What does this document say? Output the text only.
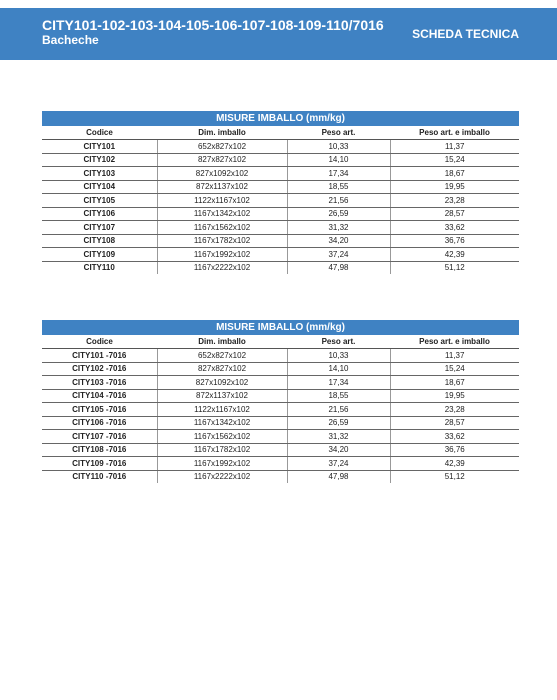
CITY101-102-103-104-105-106-107-108-109-110/7016
Bacheche	SCHEDA TECNICA
MISURE IMBALLO (mm/kg)			
Codice	Dim. imballo	Peso art.	Peso art. e imballo
CITY101	652x827x102	10,33	11,37
CITY102	827x827x102	14,10	15,24
CITY103	827x1092x102	17,34	18,67
CITY104	872x1137x102	18,55	19,95
CITY105	1122x1167x102	21,56	23,28
CITY106	1167x1342x102	26,59	28,57
CITY107	1167x1562x102	31,32	33,62
CITY108	1167x1782x102	34,20	36,76
CITY109	1167x1992x102	37,24	42,39
CITY110	1167x2222x102	47,98	51,12
MISURE IMBALLO (mm/kg)			
Codice	Dim. imballo	Peso art.	Peso art. e imballo
CITY101 -7016	652x827x102	10,33	11,37
CITY102 -7016	827x827x102	14,10	15,24
CITY103 -7016	827x1092x102	17,34	18,67
CITY104 -7016	872x1137x102	18,55	19,95
CITY105 -7016	1122x1167x102	21,56	23,28
CITY106 -7016	1167x1342x102	26,59	28,57
CITY107 -7016	1167x1562x102	31,32	33,62
CITY108 -7016	1167x1782x102	34,20	36,76
CITY109 -7016	1167x1992x102	37,24	42,39
CITY110 -7016	1167x2222x102	47,98	51,12
